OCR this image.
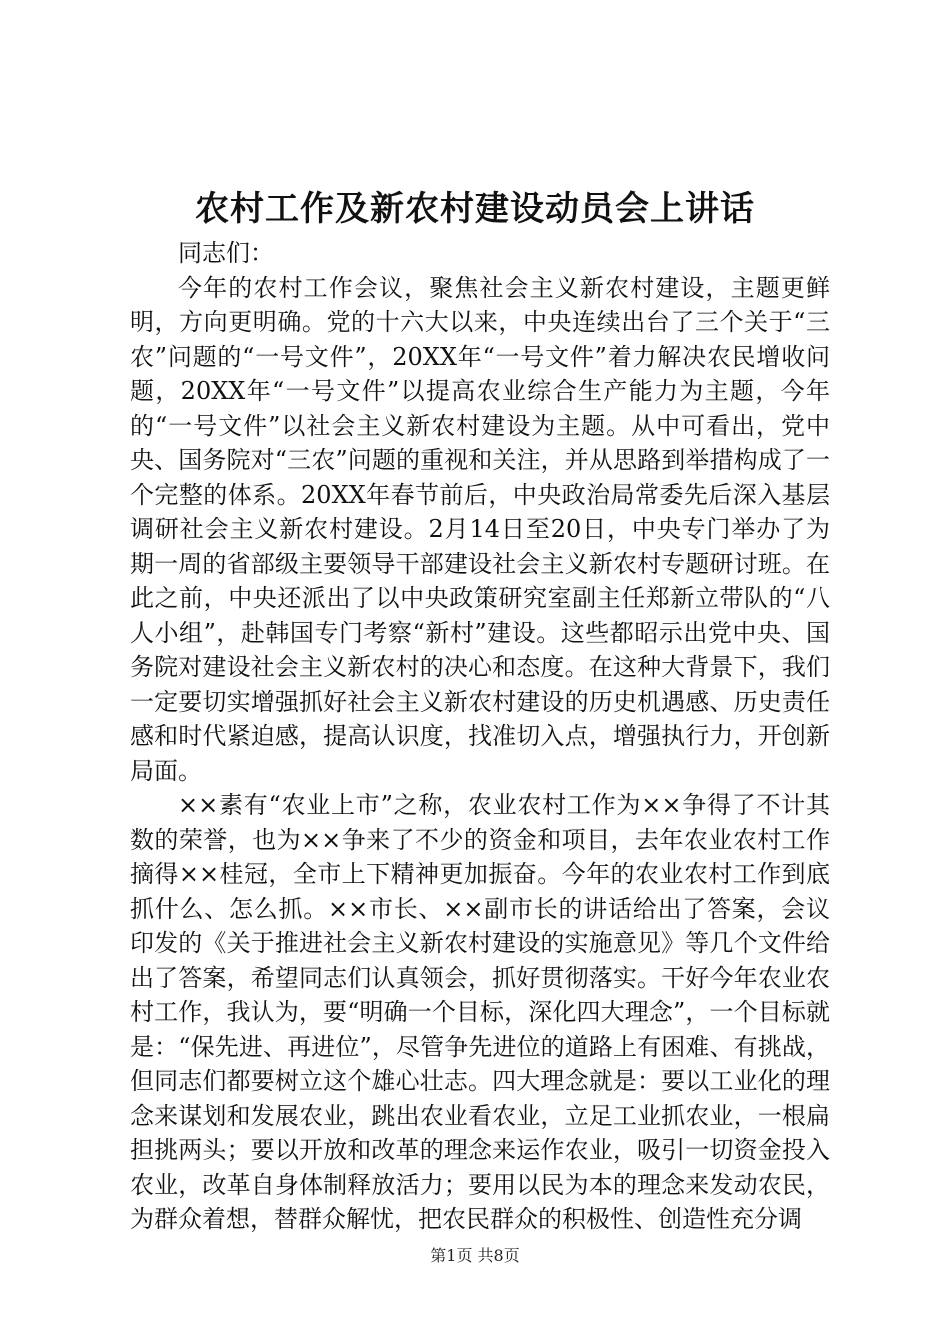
农村工作及新农村建设动员会上讲话

同志们：

今年的农村工作会议，聚焦社会主义新农村建设，主题更鲜明，方向更明确。党的十六大以来，中央连续出台了三个关于“三农”问题的“一号文件”，20XX年“一号文件”着力解决农民增收问题，20XX年“一号文件”以提高农业综合生产能力为主题，今年的“一号文件”以社会主义新农村建设为主题。从中可看出，党中央、国务院对“三农”问题的重视和关注，并从思路到举措构成了一个完整的体系。20XX年春节前后，中央政治局常委先后深入基层调研社会主义新农村建设。2月14日至20日，中央专门举办了为期一周的省部级主要领导干部建设社会主义新农村专题研讨班。在此之前，中央还派出了以中央政策研究室副主任郑新立带队的“八人小组”，赴韩国专门考察“新村”建设。这些都昭示出党中央、国务院对建设社会主义新农村的决心和态度。在这种大背景下，我们一定要切实增强抓好社会主义新农村建设的历史机遇感、历史责任感和时代紧迫感，提高认识度，找准切入点，增强执行力，开创新局面。

××素有“农业上市”之称，农业农村工作为××争得了不计其数的荣誉，也为××争来了不少的资金和项目，去年农业农村工作摘得××桂冠，全市上下精神更加振奋。今年的农业农村工作到底抓什么、怎么抓。××市长、××副市长的讲话给出了答案，会议印发的《关于推进社会主义新农村建设的实施意见》等几个文件给出了答案，希望同志们认真领会，抓好贯彻落实。干好今年农业农村工作，我认为，要“明确一个目标，深化四大理念”，一个目标就是：“保先进、再进位”，尽管争先进位的道路上有困难、有挑战，但同志们都要树立这个雄心壮志。四大理念就是：要以工业化的理念来谋划和发展农业，跳出农业看农业，立足工业抓农业，一根扁担挑两头；要以开放和改革的理念来运作农业，吸引一切资金投入农业，改革自身体制释放活力；要用以民为本的理念来发动农民，为群众着想，替群众解忧，把农民群众的积极性、创造性充分调

第1页 共8页
